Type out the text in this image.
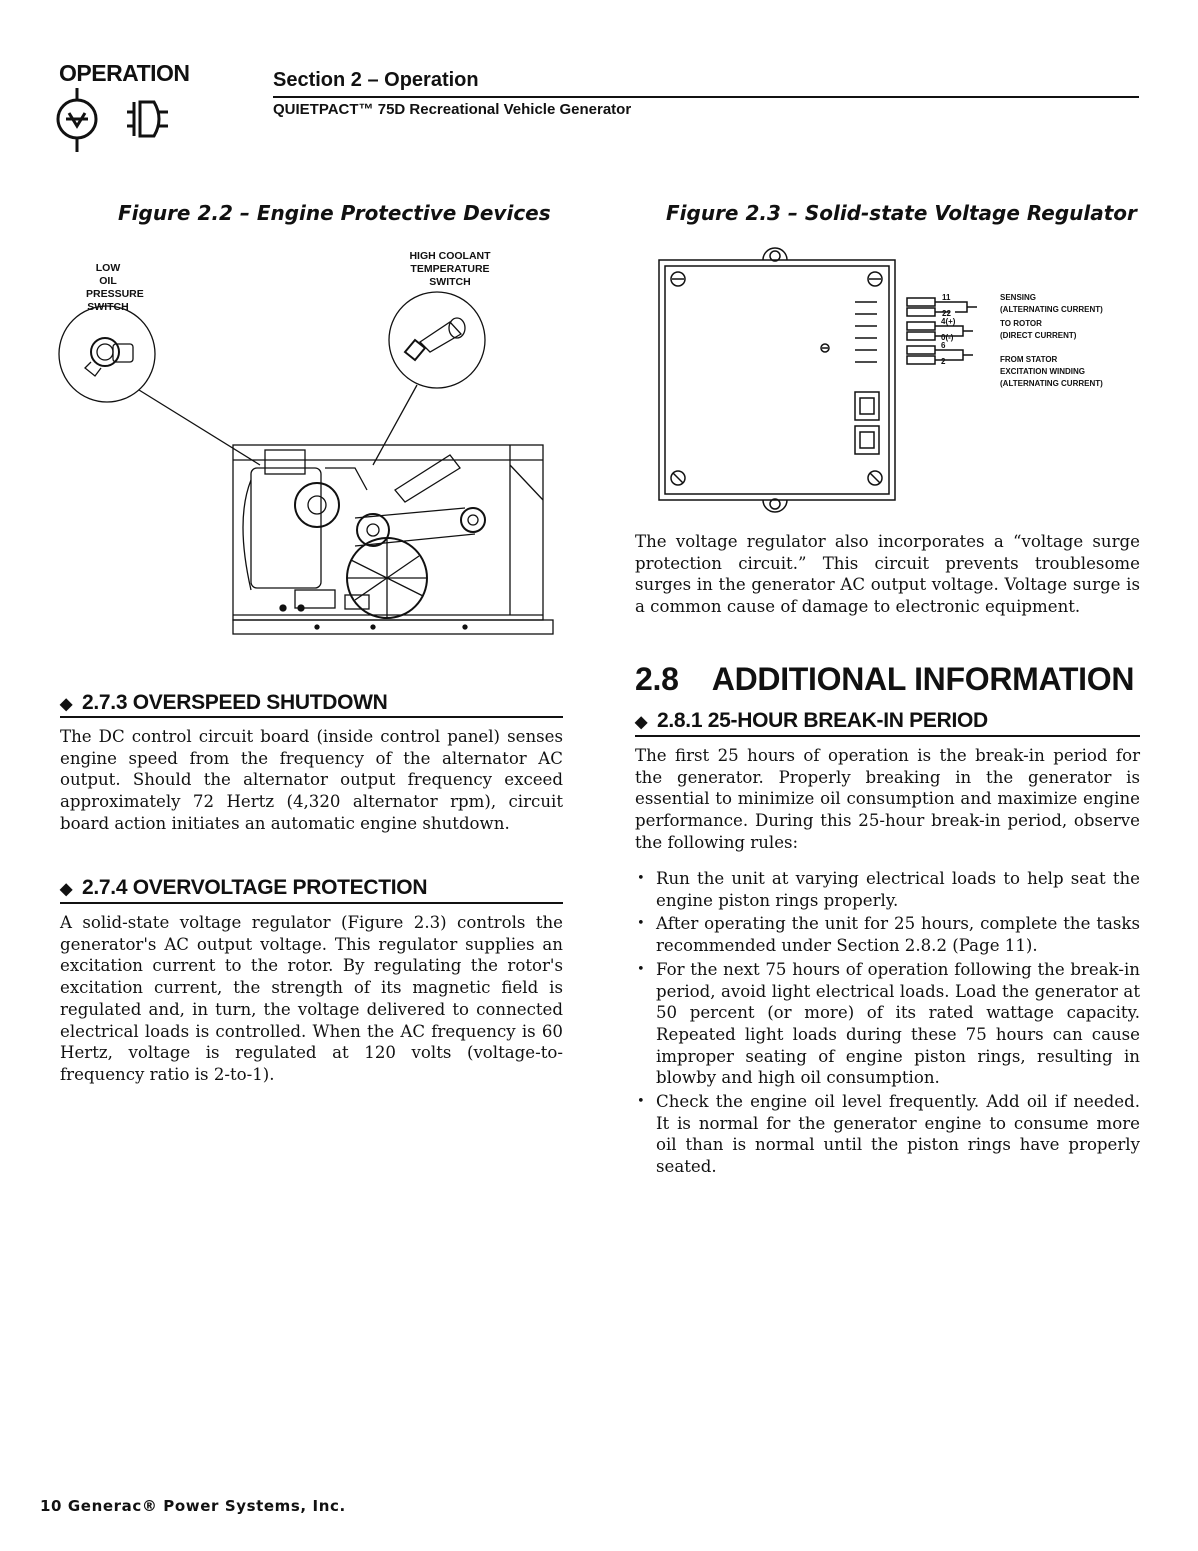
OPERATION	Section 2 – Operation
QUIETPACT™ 75D Recreational Vehicle Generator
Figure 2.2 – Engine Protective Devices
LOW OIL
PRESSURE
SWITCH
HIGH COOLANT
TEMPERATURE
SWITCH
Figure 2.3 – Solid-state Voltage Regulator
11
22
4(+)
0(-)
6
2
SENSING
(ALTERNATING CURRENT)
TO ROTOR
(DIRECT CURRENT)
FROM STATOR
EXCITATION WINDING
(ALTERNATING CURRENT)
◆ 2.7.3 OVERSPEED SHUTDOWN
The DC control circuit board (inside control panel) senses engine speed from the frequency of the alternator AC output. Should the alternator output frequency exceed approximately 72 Hertz (4,320 alternator rpm), circuit board action initiates an automatic engine shutdown.
◆ 2.7.4 OVERVOLTAGE PROTECTION
A solid-state voltage regulator (Figure 2.3) controls the generator's AC output voltage. This regulator supplies an excitation current to the rotor. By regulating the rotor's excitation current, the strength of its magnetic field is regulated and, in turn, the voltage delivered to connected electrical loads is controlled. When the AC frequency is 60 Hertz, voltage is regulated at 120 volts (voltage-to-frequency ratio is 2-to-1).
The voltage regulator also incorporates a “voltage surge protection circuit.” This circuit prevents troublesome surges in the generator AC output voltage. Voltage surge is a common cause of damage to electronic equipment.
2.8    ADDITIONAL INFORMATION
◆ 2.8.1 25-HOUR BREAK-IN PERIOD
The first 25 hours of operation is the break-in period for the generator. Properly breaking in the generator is essential to minimize oil consumption and maximize engine performance. During this 25-hour break-in period, observe the following rules:
• Run the unit at varying electrical loads to help seat the engine piston rings properly.
• After operating the unit for 25 hours, complete the tasks recommended under Section 2.8.2 (Page 11).
• For the next 75 hours of operation following the break-in period, avoid light electrical loads. Load the generator at 50 percent (or more) of its rated wattage capacity. Repeated light loads during these 75 hours can cause improper seating of engine piston rings, resulting in blowby and high oil consumption.
• Check the engine oil level frequently. Add oil if needed. It is normal for the generator engine to consume more oil than is normal until the piston rings have properly seated.
10 Generac® Power Systems, Inc.
